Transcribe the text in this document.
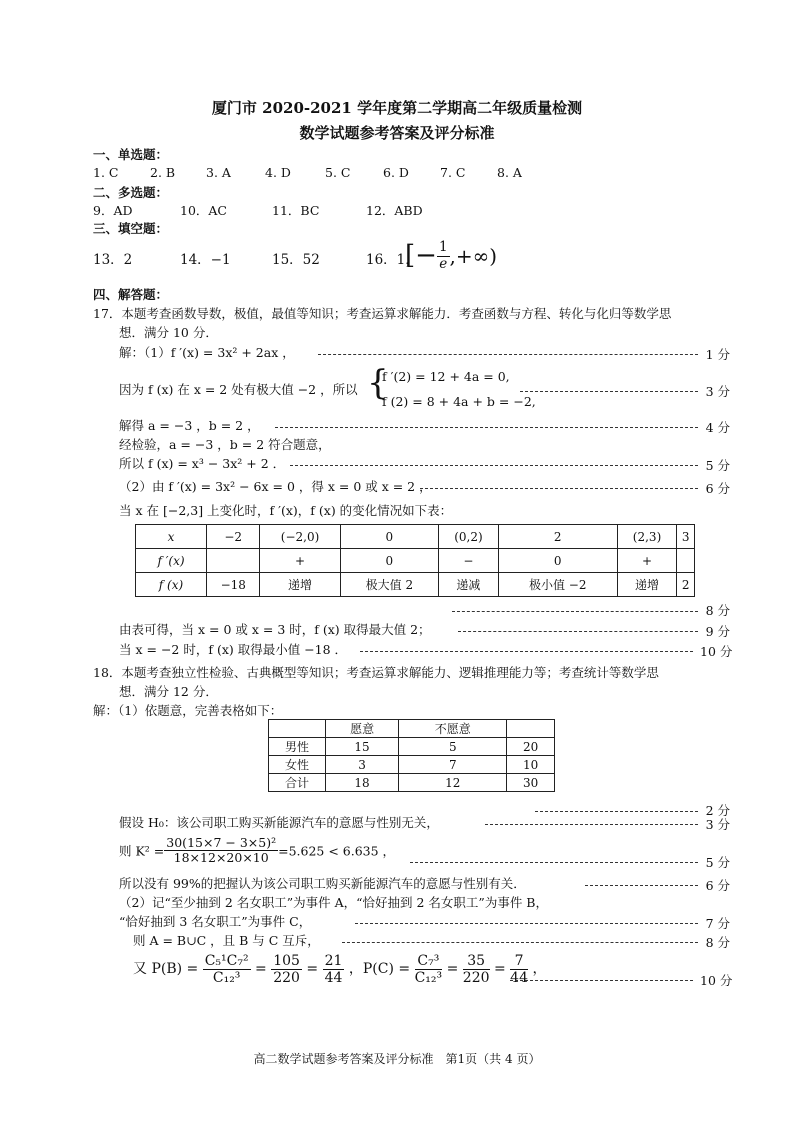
厦门市 2020-2021 学年度第二学期高二年级质量检测
数学试题参考答案及评分标准
一、单选题：
1. C	2. B 3. A	4. D	5. C	6. D 7. C	8. A
二、多选题：
9．AD	10．AC	11．BC	12．ABD
三、填空题：
13．2	14．−1	15．52	16．1，
[− $\frac{1}{e}$ ,+∞)
四、解答题：
17．本题考查函数导数，极值，最值等知识；考查运算求解能力．考查函数与方程、转化与化归等数学思
想．满分 10 分．
解：（1）f ′(x) = 3x² + 2ax ，	1 分
因为 f (x) 在 x = 2 处有极大值 −2 ，所以 {
f ′(2) = 12 + 4a = 0,
f (2) = 8 + 4a + b = −2,
3 分
解得 a = −3 ，b = 2 ，	4 分
经检验，a = −3 ，b = 2 符合题意，
所以 f (x) = x³ − 3x² + 2 ．	5 分
（2）由 f ′(x) = 3x² − 6x = 0 ，得 x = 0 或 x = 2 ，	6 分
当 x 在 [−2,3] 上变化时，f ′(x)，f (x) 的变化情况如下表：
x	−2	(−2,0)	0	(0,2)	2	(2,3)	3
f ′(x)		+	0	−	0	+	
f (x)	−18	递增	极大值 2	递减	极小值 −2	递增	2
8 分
由表可得，当 x = 0 或 x = 3 时，f (x) 取得最大值 2；	9 分
当 x = −2 时，f (x) 取得最小值 −18 ．	10 分
18．本题考查独立性检验、古典概型等知识；考查运算求解能力、逻辑推理能力等；考查统计等数学思
想．满分 12 分．
解：（1）依题意，完善表格如下：
	愿意	不愿意	
男性	15	5	20
女性	3	7	10
合计	18	12	30
2 分
假设 H₀：该公司职工购买新能源汽车的意愿与性别无关，	3 分
则 $K^2 = \frac{\text{30(15×7 − 3×5)²}}{18\times 12\times 20\times 10} =5.625 < 6.635$ ，
5 分
所以没有 99%的把握认为该公司职工购买新能源汽车的意愿与性别有关．	6 分
（2）记“至少抽到 2 名女职工”为事件 A，“恰好抽到 2 名女职工”为事件 B，
“恰好抽到 3 名女职工”为事件 C，	7 分
则 A = B∪C ，且 B 与 C 互斥，	8 分
又 $P(B) = \frac{\text{C₅¹C₇²}}{\text{C₁₂³}} = \frac{105}{220} = \frac{21}{44}$ ，$P(C) = \frac{\text{C₇³}}{\text{C₁₂³}} = \frac{35}{220} = \frac{7}{44}$ ，
10 分
高二数学试题参考答案及评分标准　第1页（共 4 页）
